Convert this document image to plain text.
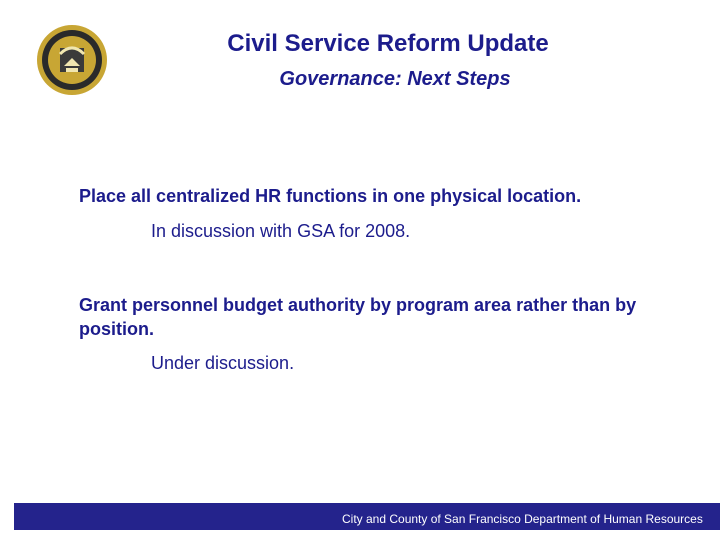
Civil Service Reform Update
Governance: Next Steps
Place all centralized HR functions in one physical location.
In discussion with GSA for 2008.
Grant personnel budget authority by program area rather than by position.
Under discussion.
City and County of San Francisco Department of Human Resources
